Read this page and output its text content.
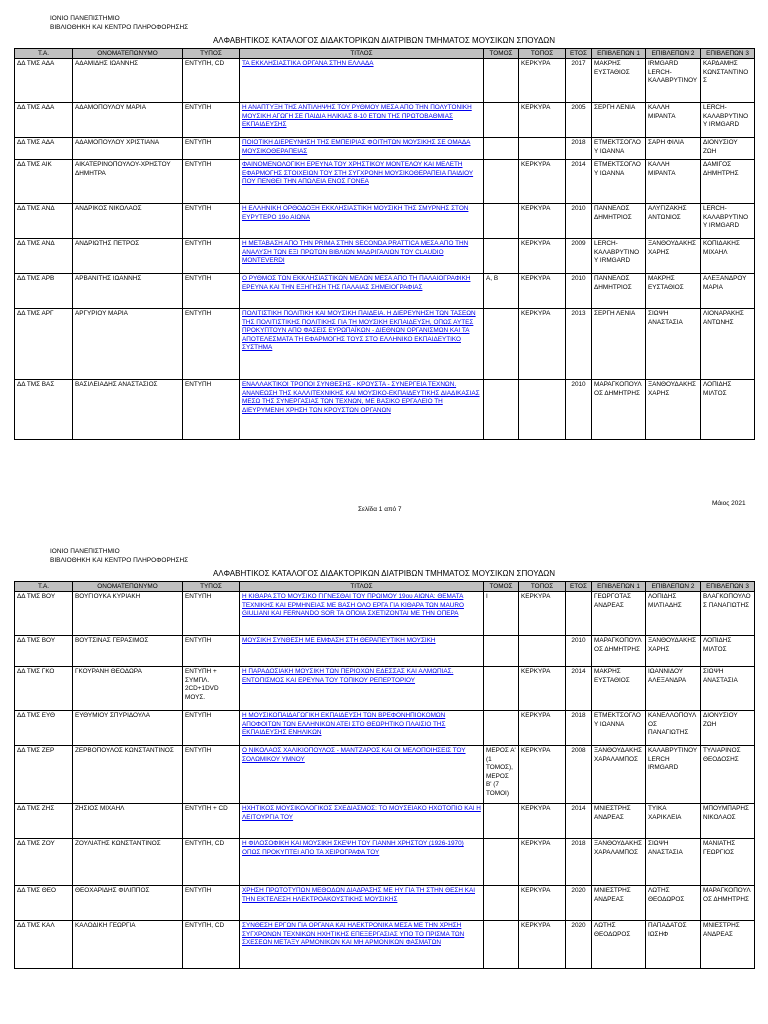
ΙΟΝΙΟ ΠΑΝΕΠΙΣΤΗΜΙΟ
ΒΙΒΛΙΟΘΗΚΗ ΚΑΙ ΚΕΝΤΡΟ ΠΛΗΡΟΦΟΡΗΣΗΣ
ΑΛΦΑΒΗΤΙΚΟΣ ΚΑΤΑΛΟΓΟΣ ΔΙΔΑΚΤΟΡΙΚΩΝ ΔΙΑΤΡΙΒΩΝ ΤΜΗΜΑΤΟΣ ΜΟΥΣΙΚΩΝ ΣΠΟΥΔΩΝ
Τ.Α.	ΟΝΟΜΑΤΕΠΩΝΥΜΟ	ΤΥΠΟΣ	ΤΙΤΛΟΣ	ΤΟΜΟΣ	ΤΟΠΟΣ	ΕΤΟΣ	ΕΠΙΒΛΕΠΩΝ 1	ΕΠΙΒΛΕΠΩΝ 2	ΕΠΙΒΛΕΠΩΝ 3
ΔΔ ΤΜΣ ΑΔΑ	ΑΔΑΜΙΔΗΣ ΙΩΑΝΝΗΣ	ΕΝΤΥΠΗ, CD	ΤΑ ΕΚΚΛΗΣΙΑΣΤΙΚΑ ΟΡΓΑΝΑ ΣΤΗΝ ΕΛΛΑΔΑ		ΚΕΡΚΥΡΑ	2017	ΜΑΚΡΗΣ ΕΥΣΤΑΘΙΟΣ	IRMGARD LERCH-ΚΑΛΑΒΡΥΤΙΝΟΥ	ΚΑΡΔΑΜΗΣ ΚΩΝΣΤΑΝΤΙΝΟΣ
ΔΔ ΤΜΣ ΑΔΑ	ΑΔΑΜΟΠΟΥΛΟΥ ΜΑΡΙΑ	ΕΝΤΥΠΗ	Η ΑΝΑΠΤΥΞΗ ΤΗΣ ΑΝΤΙΛΗΨΗΣ ΤΟΥ ΡΥΘΜΟΥ ΜΕΣΑ ΑΠΟ ΤΗΝ ΠΟΛΥΤΟΝΙΚΗ ΜΟΥΣΙΚΗ ΑΓΩΓΗ ΣΕ ΠΑΙΔΙΑ ΗΛΙΚΙΑΣ 8-10 ΕΤΩΝ ΤΗΣ ΠΡΩΤΟΒΑΘΜΙΑΣ ΕΚΠΑΙΔΕΥΣΗΣ		ΚΕΡΚΥΡΑ	2005	ΣΕΡΓΗ ΛΕΝΙΑ	ΚΑΛΛΗ ΜΙΡΑΝΤΑ	LERCH-ΚΑΛΑΒΡΥΤΙΝΟΥ IRMGARD
ΔΔ ΤΜΣ ΑΔΑ	ΑΔΑΜΟΠΟΥΛΟΥ ΧΡΙΣΤΙΑΝΑ	ΕΝΤΥΠΗ	ΠΟΙΟΤΙΚΗ ΔΙΕΡΕΥΝΗΣΗ ΤΗΣ ΕΜΠΕΙΡΙΑΣ ΦΟΙΤΗΤΩΝ ΜΟΥΣΙΚΗΣ ΣΕ ΟΜΑΔΑ ΜΟΥΣΙΚΟΘΕΡΑΠΕΙΑΣ			2018	ΕΤΜΕΚΤΣΟΓΛΟΥ ΙΩΑΝΝΑ	ΣΑΡΗ ΦΙΛΙΑ	ΔΙΟΝΥΣΙΟΥ ΖΩΗ
ΔΔ ΤΜΣ ΑΙΚ	ΑΙΚΑΤΕΡΙΝΟΠΟΥΛΟΥ-ΧΡΗΣΤΟΥ ΔΗΜΗΤΡΑ	ΕΝΤΥΠΗ	ΦΑΙΝΟΜΕΝΟΛΟΓΙΚΗ ΕΡΕΥΝΑ ΤΟΥ ΧΡΗΣΤΙΚΟΥ ΜΟΝΤΕΛΟΥ ΚΑΙ ΜΕΛΕΤΗ ΕΦΑΡΜΟΓΗΣ ΣΤΟΙΧΕΙΩΝ ΤΟΥ ΣΤΗ ΣΥΓΧΡΟΝΗ ΜΟΥΣΙΚΟΘΕΡΑΠΕΙΑ ΠΑΙΔΙΟΥ ΠΟΥ ΠΕΝΘΕΙ ΤΗΝ ΑΠΩΛΕΙΑ ΕΝΟΣ ΓΟΝΕΑ		ΚΕΡΚΥΡΑ	2014	ΕΤΜΕΚΤΣΟΓΛΟΥ ΙΩΑΝΝΑ	ΚΑΛΛΗ ΜΙΡΑΝΤΑ	ΔΑΜΙΓΟΣ ΔΗΜΗΤΡΗΣ
ΔΔ ΤΜΣ ΑΝΔ	ΑΝΔΡΙΚΟΣ ΝΙΚΟΛΑΟΣ	ΕΝΤΥΠΗ	Η ΕΛΛΗΝΙΚΗ ΟΡΘΟΔΟΞΗ ΕΚΚΛΗΣΙΑΣΤΙΚΗ ΜΟΥΣΙΚΗ ΤΗΣ ΣΜΥΡΝΗΣ ΣΤΟΝ ΕΥΡΥΤΕΡΟ 19ο ΑΙΩΝΑ		ΚΕΡΚΥΡΑ	2010	ΠΑΝΝΕΛΟΣ ΔΗΜΗΤΡΙΟΣ	ΑΛΥΓΙΖΑΚΗΣ ΑΝΤΩΝΙΟΣ	LERCH-ΚΑΛΑΒΡΥΤΙΝΟΥ IRMGARD
ΔΔ ΤΜΣ ΑΝΔ	ΑΝΔΡΙΩΤΗΣ ΠΕΤΡΟΣ	ΕΝΤΥΠΗ	Η ΜΕΤΑΒΑΣΗ ΑΠΟ ΤΗΝ PRIMA ΣΤΗΝ SECONDA PRATTICA ΜΕΣΑ ΑΠΟ ΤΗΝ ΑΝΑΛΥΣΗ ΤΩΝ ΕΞΙ ΠΡΩΤΩΝ ΒΙΒΛΙΩΝ ΜΑΔΡΙΓΑΛΙΩΝ ΤΟΥ CLAUDIO MONTEVERDI		ΚΕΡΚΥΡΑ	2009	LERCH-ΚΑΛΑΒΡΥΤΙΝΟΥ IRMGARD	ΞΑΝΘΟΥΔΑΚΗΣ ΧΑΡΗΣ	ΚΟΠΙΔΑΚΗΣ ΜΙΧΑΗΛ
ΔΔ ΤΜΣ ΑΡΒ	ΑΡΒΑΝΙΤΗΣ ΙΩΑΝΝΗΣ	ΕΝΤΥΠΗ	Ο ΡΥΘΜΟΣ ΤΩΝ ΕΚΚΛΗΣΙΑΣΤΙΚΩΝ ΜΕΛΩΝ ΜΕΣΑ ΑΠΟ ΤΗ ΠΑΛΑΙΟΓΡΑΦΙΚΗ ΕΡΕΥΝΑ ΚΑΙ ΤΗΝ ΕΞΗΓΗΣΗ ΤΗΣ ΠΑΛΑΙΑΣ ΣΗΜΕΙΟΓΡΑΦΙΑΣ	Α, Β	ΚΕΡΚΥΡΑ	2010	ΠΑΝΝΕΛΟΣ ΔΗΜΗΤΡΙΟΣ	ΜΑΚΡΗΣ ΕΥΣΤΑΘΙΟΣ	ΑΛΕΞΑΝΔΡΟΥ ΜΑΡΙΑ
ΔΔ ΤΜΣ ΑΡΓ	ΑΡΓΥΡΙΟΥ ΜΑΡΙΑ	ΕΝΤΥΠΗ	ΠΟΛΙΤΙΣΤΙΚΗ ΠΟΛΙΤΙΚΗ ΚΑΙ ΜΟΥΣΙΚΗ ΠΑΙΔΕΙΑ. Η ΔΙΕΡΕΥΝΗΣΗ ΤΩΝ ΤΑΣΕΩΝ ΤΗΣ ΠΟΛΙΤΙΣΤΙΚΗΣ ΠΟΛΙΤΙΚΗΣ ΓΙΑ ΤΗ ΜΟΥΣΙΚΗ ΕΚΠΑΙΔΕΥΣΗ, ΟΠΩΣ ΑΥΤΕΣ ΠΡΟΚΥΠΤΟΥΝ ΑΠΟ ΦΑΣΕΙΣ ΕΥΡΩΠΑΪΚΩΝ - ΔΙΕΘΝΩΝ ΟΡΓΑΝΙΣΜΩΝ ΚΑΙ ΤΑ ΑΠΟΤΕΛΕΣΜΑΤΑ ΤΗ ΕΦΑΡΜΟΓΗΣ ΤΟΥΣ ΣΤΟ ΕΛΛΗΝΙΚΟ ΕΚΠΑΙΔΕΥΤΙΚΟ ΣΥΣΤΗΜΑ		ΚΕΡΚΥΡΑ	2013	ΣΕΡΓΗ ΛΕΝΙΑ	ΣΙΩΨΗ ΑΝΑΣΤΑΣΙΑ	ΛΙΟΝΑΡΑΚΗΣ ΑΝΤΩΝΗΣ
ΔΔ ΤΜΣ ΒΑΣ	ΒΑΣΙΛΕΙΑΔΗΣ ΑΝΑΣΤΑΣΙΟΣ	ΕΝΤΥΠΗ	ΕΝΑΛΛΑΚΤΙΚΟΙ ΤΡΟΠΟΙ ΣΥΝΘΕΣΗΣ - ΚΡΟΥΣΤΑ - ΣΥΝΕΡΓΕΙΑ ΤΕΧΝΩΝ. ΑΝΑΝΕΩΣΗ ΤΗΣ ΚΑΛΛΙΤΕΧΝΙΚΗΣ ΚΑΙ ΜΟΥΣΙΚΟ-ΕΚΠΑΙΔΕΥΤΙΚΗΣ ΔΙΑΔΙΚΑΣΙΑΣ ΜΕΣΩ ΤΗΣ ΣΥΝΕΡΓΑΣΙΑΣ ΤΩΝ ΤΕΧΝΩΝ, ΜΕ ΒΑΣΙΚΟ ΕΡΓΑΛΕΙΟ ΤΗ ΔΙΕΥΡΥΜΕΝΗ ΧΡΗΣΗ ΤΩΝ ΚΡΟΥΣΤΩΝ ΟΡΓΑΝΩΝ			2010	ΜΑΡΑΓΚΟΠΟΥΛΟΣ ΔΗΜΗΤΡΗΣ	ΞΑΝΘΟΥΔΑΚΗΣ ΧΑΡΗΣ	ΛΟΠΙΔΗΣ ΜΙΛΤΟΣ
Σελίδα 1 από 7
Μάιος 2021
ΙΟΝΙΟ ΠΑΝΕΠΙΣΤΗΜΙΟ
ΒΙΒΛΙΟΘΗΚΗ ΚΑΙ ΚΕΝΤΡΟ ΠΛΗΡΟΦΟΡΗΣΗΣ
ΑΛΦΑΒΗΤΙΚΟΣ ΚΑΤΑΛΟΓΟΣ ΔΙΔΑΚΤΟΡΙΚΩΝ ΔΙΑΤΡΙΒΩΝ ΤΜΗΜΑΤΟΣ ΜΟΥΣΙΚΩΝ ΣΠΟΥΔΩΝ
Τ.Α.	ΟΝΟΜΑΤΕΠΩΝΥΜΟ	ΤΥΠΟΣ	ΤΙΤΛΟΣ	ΤΟΜΟΣ	ΤΟΠΟΣ	ΕΤΟΣ	ΕΠΙΒΛΕΠΩΝ 1	ΕΠΙΒΛΕΠΩΝ 2	ΕΠΙΒΛΕΠΩΝ 3
ΔΔ ΤΜΣ ΒΟΥ	ΒΟΥΓΙΟΥΚΑ ΚΥΡΙΑΚΗ	ΕΝΤΥΠΗ	Η ΚΙΘΑΡΑ ΣΤΟ ΜΟΥΣΙΚΟ ΓΙΓΝΕΣΘΑΙ ΤΟΥ ΠΡΩΙΜΟΥ 19ου ΑΙΩΝΑ: ΘΕΜΑΤΑ ΤΕΧΝΙΚΗΣ ΚΑΙ ΕΡΜΗΝΕΙΑΣ ΜΕ ΒΑΣΗ ΟΛΟ ΕΡΓΑ ΓΙΑ ΚΙΘΑΡΑ ΤΩΝ MAURO GIULIANI ΚΑΙ FERNANDO SOR ΤΑ ΟΠΟΙΑ ΣΧΕΤΙΖΟΝΤΑΙ ΜΕ ΤΗΝ ΟΠΕΡΑ	Ι	ΚΕΡΚΥΡΑ		ΓΕΩΡΓΟΤΑΣ ΑΝΔΡΕΑΣ	ΛΟΠΙΔΗΣ ΜΙΛΤΙΑΔΗΣ	ΒΛΑΓΚΟΠΟΥΛΟΣ ΠΑΝΑΓΙΩΤΗΣ
ΔΔ ΤΜΣ ΒΟΥ	ΒΟΥΤΣΙΝΑΣ ΓΕΡΑΣΙΜΟΣ	ΕΝΤΥΠΗ	ΜΟΥΣΙΚΗ ΣΥΝΘΕΣΗ ΜΕ ΕΜΦΑΣΗ ΣΤΗ ΘΕΡΑΠΕΥΤΙΚΗ ΜΟΥΣΙΚΗ			2010	ΜΑΡΑΓΚΟΠΟΥΛΟΣ ΔΗΜΗΤΡΗΣ	ΞΑΝΘΟΥΔΑΚΗΣ ΧΑΡΗΣ	ΛΟΠΙΔΗΣ ΜΙΛΤΟΣ
ΔΔ ΤΜΣ ΓΚΟ	ΓΚΟΥΡΑΝΗ ΘΕΟΔΩΡΑ	ΕΝΤΥΠΗ + ΣΥΜΠΛ. 2CD+1DVD ΜΟΥΣ.	Η ΠΑΡΑΔΟΣΙΑΚΗ ΜΟΥΣΙΚΗ ΤΩΝ ΠΕΡΙΟΧΩΝ ΕΔΕΣΣΑΣ ΚΑΙ ΑΛΜΩΠΙΑΣ. ΕΝΤΟΠΙΣΜΟΣ ΚΑΙ ΕΡΕΥΝΑ ΤΟΥ ΤΟΠΙΚΟΥ ΡΕΠΕΡΤΟΡΙΟΥ		ΚΕΡΚΥΡΑ	2014	ΜΑΚΡΗΣ ΕΥΣΤΑΘΙΟΣ	ΙΩΑΝΝΙΔΟΥ ΑΛΕΞΑΝΔΡΑ	ΣΙΩΨΗ ΑΝΑΣΤΑΣΙΑ
ΔΔ ΤΜΣ ΕΥΘ	ΕΥΘΥΜΙΟΥ ΣΠΥΡΙΔΟΥΛΑ	ΕΝΤΥΠΗ	Η ΜΟΥΣΙΚΟΠΑΙΔΑΓΩΓΙΚΗ ΕΚΠΑΙΔΕΥΣΗ ΤΩΝ ΒΡΕΦΟΝΗΠΙΟΚΟΜΩΝ ΑΠΟΦΟΙΤΩΝ ΤΩΝ ΕΛΛΗΝΙΚΩΝ ΑΤΕΙ ΣΤΟ ΘΕΩΡΗΤΙΚΟ ΠΛΑΙΣΙΟ ΤΗΣ ΕΚΠΑΙΔΕΥΣΗΣ ΕΝΗΛΙΚΩΝ		ΚΕΡΚΥΡΑ	2018	ΕΤΜΕΚΤΣΟΓΛΟΥ ΙΩΑΝΝΑ	ΚΑΝΕΛΛΟΠΟΥΛΟΣ ΠΑΝΑΓΙΩΤΗΣ	ΔΙΟΝΥΣΙΟΥ ΖΩΗ
ΔΔ ΤΜΣ ΖΕΡ	ΖΕΡΒΟΠΟΥΛΟΣ ΚΩΝΣΤΑΝΤΙΝΟΣ	ΕΝΤΥΠΗ	Ο ΝΙΚΟΛΑΟΣ ΧΑΛΙΚΙΟΠΟΥΛΟΣ - ΜΑΝΤΖΑΡΟΣ ΚΑΙ ΟΙ ΜΕΛΟΠΟΙΗΣΕΙΣ ΤΟΥ ΣΟΛΩΜΙΚΟΥ ΥΜΝΟΥ	ΜΕΡΟΣ Α' (1 ΤΟΜΟΣ), ΜΕΡΟΣ Β' (7 ΤΟΜΟΙ)	ΚΕΡΚΥΡΑ	2008	ΞΑΝΘΟΥΔΑΚΗΣ ΧΑΡΑΛΑΜΠΟΣ	ΚΑΛΑΒΡΥΤΙΝΟΥ LERCH IRMGARD	ΤΥΛΙΑΡΙΝΟΣ ΘΕΟΔΟΣΗΣ
ΔΔ ΤΜΣ ΖΗΣ	ΖΗΣΙΟΣ ΜΙΧΑΗΛ	ΕΝΤΥΠΗ + CD	ΗΧΗΤΙΚΟΣ ΜΟΥΣΙΚΟΛΟΓΙΚΟΣ ΣΧΕΔΙΑΣΜΟΣ: ΤΟ ΜΟΥΣΕΙΑΚΟ ΗΧΟΤΟΠΙΟ ΚΑΙ Η ΛΕΙΤΟΥΡΓΙΑ ΤΟΥ		ΚΕΡΚΥΡΑ	2014	ΜΝΙΕΣΤΡΗΣ ΑΝΔΡΕΑΣ	ΤΥΙΚΑ ΧΑΡΙΚΛΕΙΑ	ΜΠΟΥΜΠΑΡΗΣ ΝΙΚΟΛΑΟΣ
ΔΔ ΤΜΣ ΖΟΥ	ΖΟΥΛΙΑΤΗΣ ΚΩΝΣΤΑΝΤΙΝΟΣ	ΕΝΤΥΠΗ, CD	Η ΦΙΛΟΣΟΦΙΚΗ ΚΑΙ ΜΟΥΣΙΚΗ ΣΚΕΨΗ ΤΟΥ ΓΙΑΝΝΗ ΧΡΗΣΤΟΥ (1926-1970) ΟΠΩΣ ΠΡΟΚΥΠΤΕΙ ΑΠΟ ΤΑ ΧΕΙΡΟΓΡΑΦΑ ΤΟΥ		ΚΕΡΚΥΡΑ	2018	ΞΑΝΘΟΥΔΑΚΗΣ ΧΑΡΑΛΑΜΠΟΣ	ΣΙΩΨΗ ΑΝΑΣΤΑΣΙΑ	ΜΑΝΙΑΤΗΣ ΓΕΩΡΓΙΟΣ
ΔΔ ΤΜΣ ΘΕΟ	ΘΕΟΧΑΡΙΔΗΣ ΦΙΛΙΠΠΟΣ	ΕΝΤΥΠΗ	ΧΡΗΣΗ ΠΡΩΤΟΤΥΠΩΝ ΜΕΘΟΔΩΝ ΔΙΑΔΡΑΣΗΣ ΜΕ ΗΥ ΓΙΑ ΤΗ ΣΤΗΝ ΘΕΣΗ ΚΑΙ ΤΗΝ ΕΚΤΕΛΕΣΗ ΗΛΕΚΤΡΟΑΚΟΥΣΤΙΚΗΣ ΜΟΥΣΙΚΗΣ		ΚΕΡΚΥΡΑ	2020	ΜΝΙΕΣΤΡΗΣ ΑΝΔΡΕΑΣ	ΛΩΤΗΣ ΘΕΟΔΩΡΟΣ	ΜΑΡΑΓΚΟΠΟΥΛΟΣ ΔΗΜΗΤΡΗΣ
ΔΔ ΤΜΣ ΚΑΛ	ΚΑΛΟΔΙΚΗ ΓΕΩΡΓΙΑ	ΕΝΤΥΠΗ, CD	ΣΥΝΘΕΣΗ ΕΡΓΩΝ ΓΙΑ ΟΡΓΑΝΑ ΚΑΙ ΗΛΕΚΤΡΟΝΙΚΑ ΜΕΣΑ ΜΕ ΤΗΝ ΧΡΗΣΗ ΣΥΓΧΡΟΝΩΝ ΤΕΧΝΙΚΩΝ ΗΧΗΤΙΚΗΣ ΕΠΕΞΕΡΓΑΣΙΑΣ ΥΠΟ ΤΟ ΠΡΙΣΜΑ ΤΩΝ ΣΧΕΣΕΩΝ ΜΕΤΑΞΥ ΑΡΜΟΝΙΚΩΝ ΚΑΙ ΜΗ ΑΡΜΟΝΙΚΩΝ ΦΑΣΜΑΤΩΝ		ΚΕΡΚΥΡΑ	2020	ΛΩΤΗΣ ΘΕΟΔΩΡΟΣ	ΠΑΠΑΔΑΤΟΣ ΙΩΣΗΦ	ΜΝΙΕΣΤΡΗΣ ΑΝΔΡΕΑΣ
